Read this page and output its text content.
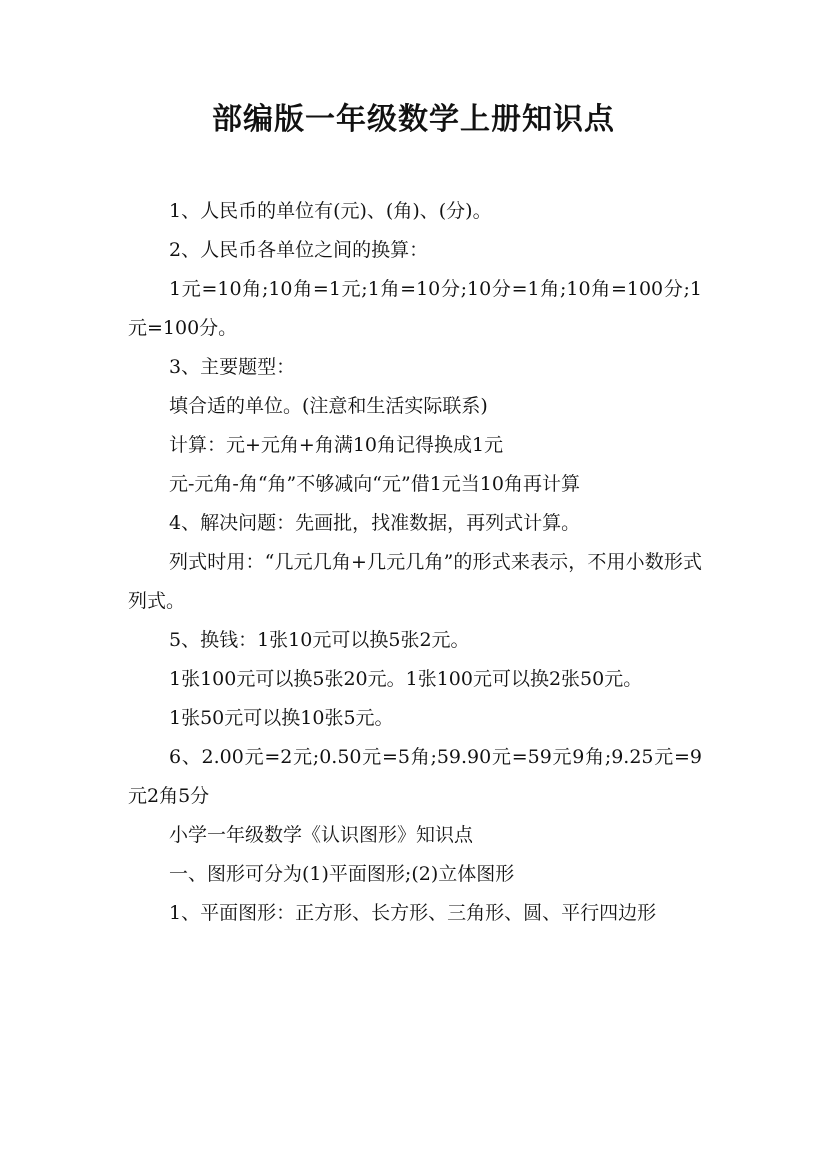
部编版一年级数学上册知识点

1、人民币的单位有(元)、(角)、(分)。

2、人民币各单位之间的换算：

1元=10角;10角=1元;1角=10分;10分=1角;10角=100分;1元=100分。

3、主要题型：

填合适的单位。(注意和生活实际联系)

计算：元+元角+角满10角记得换成1元

元-元角-角“角”不够减向“元”借1元当10角再计算

4、解决问题：先画批，找准数据，再列式计算。

列式时用：“几元几角+几元几角”的形式来表示，不用小数形式列式。

5、换钱：1张10元可以换5张2元。

1张100元可以换5张20元。1张100元可以换2张50元。

1张50元可以换10张5元。

6、2.00元=2元;0.50元=5角;59.90元=59元9角;9.25元=9元2角5分

小学一年级数学《认识图形》知识点

一、图形可分为(1)平面图形;(2)立体图形

1、平面图形：正方形、长方形、三角形、圆、平行四边形
